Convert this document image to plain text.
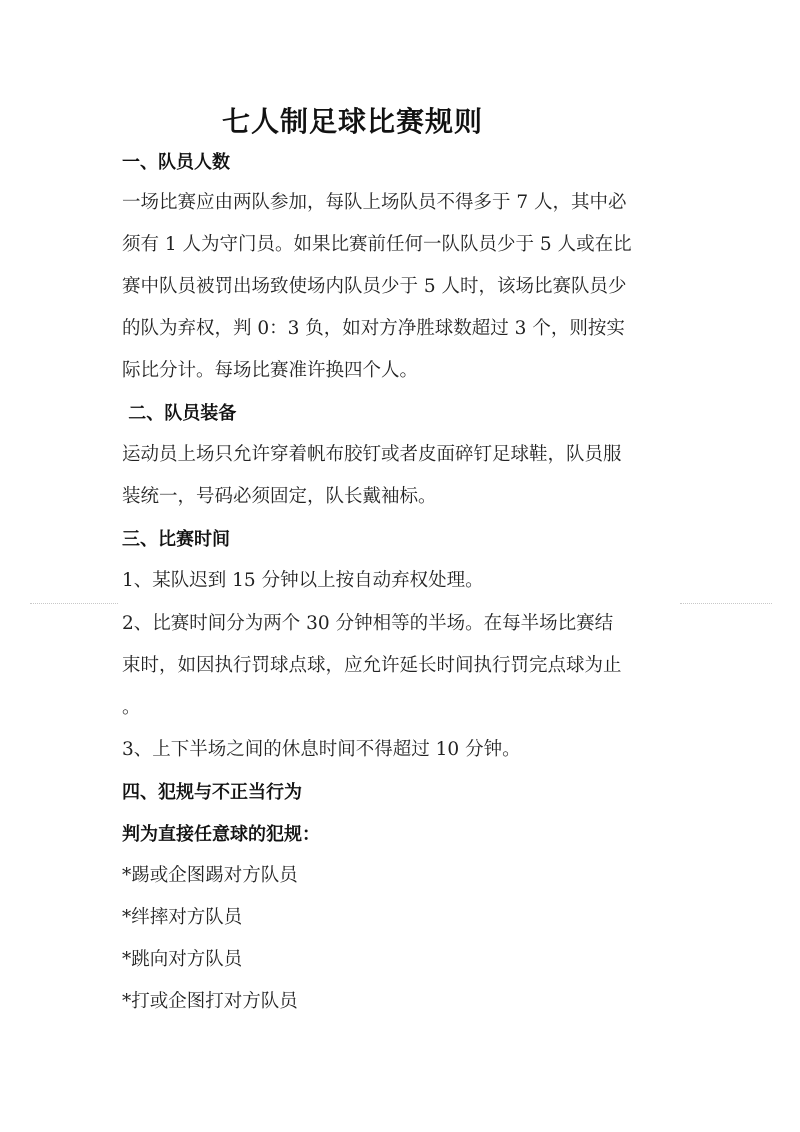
七人制足球比赛规则
一、队员人数
一场比赛应由两队参加，每队上场队员不得多于 7 人，其中必
须有 1 人为守门员。如果比赛前任何一队队员少于 5 人或在比
赛中队员被罚出场致使场内队员少于 5 人时，该场比赛队员少
的队为弃权，判 0：3 负，如对方净胜球数超过 3 个，则按实
际比分计。每场比赛准许换四个人。
二、队员装备
运动员上场只允许穿着帆布胶钉或者皮面碎钉足球鞋，队员服
装统一，号码必须固定，队长戴袖标。
三、比赛时间
1、某队迟到 15 分钟以上按自动弃权处理。
2、比赛时间分为两个 30 分钟相等的半场。在每半场比赛结
束时，如因执行罚球点球，应允许延长时间执行罚完点球为止
。
3、上下半场之间的休息时间不得超过 10 分钟。
四、犯规与不正当行为
判为直接任意球的犯规：
*踢或企图踢对方队员
*绊摔对方队员
*跳向对方队员
*打或企图打对方队员
